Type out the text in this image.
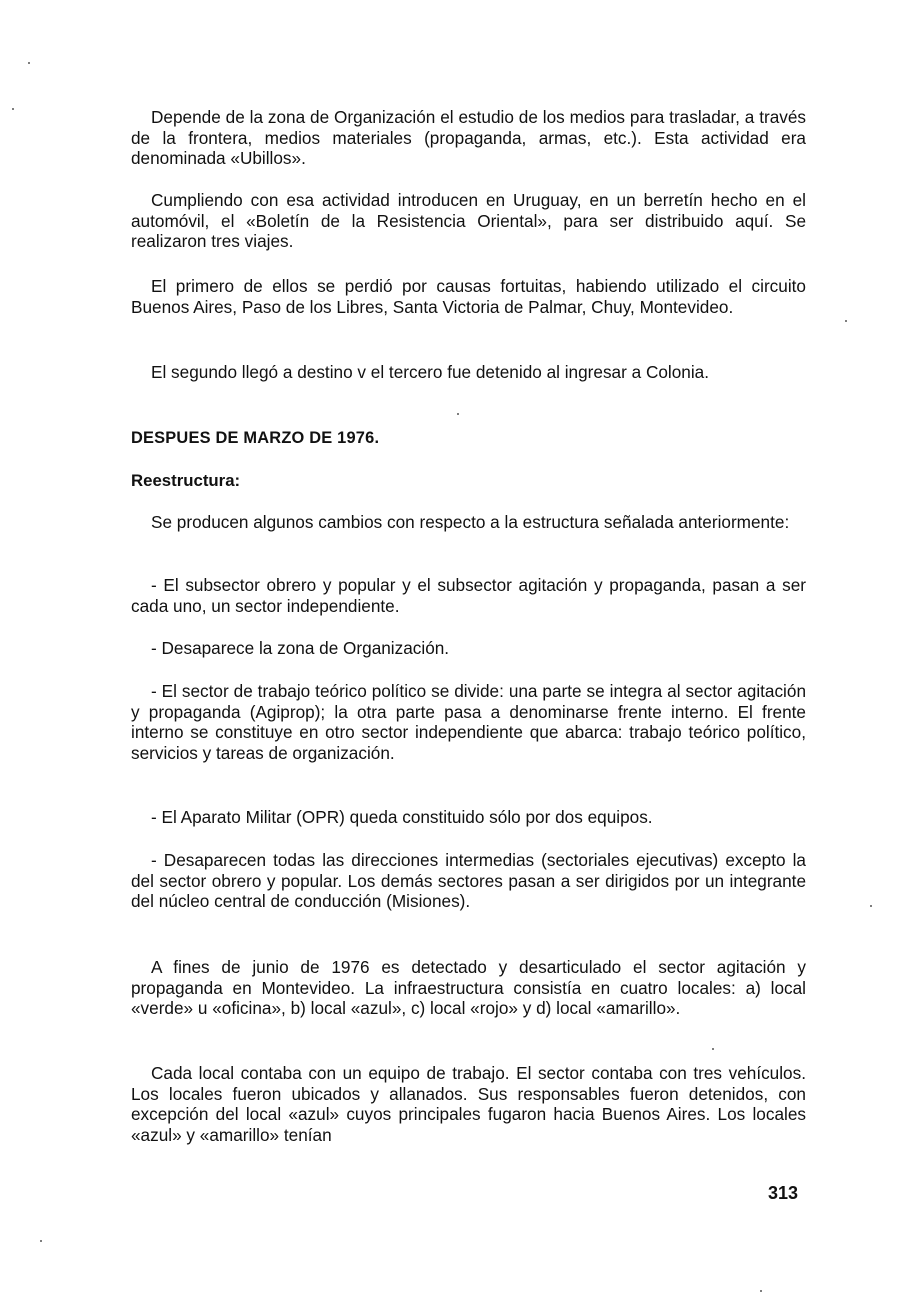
Depende de la zona de Organización el estudio de los medios para trasladar, a través de la frontera, medios materiales (propaganda, armas, etc.). Esta actividad era denominada «Ubillos».

Cumpliendo con esa actividad introducen en Uruguay, en un berretín hecho en el automóvil, el «Boletín de la Resistencia Oriental», para ser distribuido aquí. Se realizaron tres viajes.

El primero de ellos se perdió por causas fortuitas, habiendo utilizado el circuito Buenos Aires, Paso de los Libres, Santa Victoria de Palmar, Chuy, Montevideo.

El segundo llegó a destino v el tercero fue detenido al ingresar a Colonia.

DESPUES DE MARZO DE 1976.

Reestructura:

Se producen algunos cambios con respecto a la estructura señalada anteriormente:

- El subsector obrero y popular y el subsector agitación y propaganda, pasan a ser cada uno, un sector independiente.

- Desaparece la zona de Organización.

- El sector de trabajo teórico político se divide: una parte se integra al sector agitación y propaganda (Agiprop); la otra parte pasa a denominarse frente interno. El frente interno se constituye en otro sector independiente que abarca: trabajo teórico político, servicios y tareas de organización.

- El Aparato Militar (OPR) queda constituido sólo por dos equipos.

- Desaparecen todas las direcciones intermedias (sectoriales ejecutivas) excepto la del sector obrero y popular. Los demás sectores pasan a ser dirigidos por un integrante del núcleo central de conducción (Misiones).

A fines de junio de 1976 es detectado y desarticulado el sector agitación y propaganda en Montevideo. La infraestructura consistía en cuatro locales: a) local «verde» u «oficina», b) local «azul», c) local «rojo» y d) local «amarillo».

Cada local contaba con un equipo de trabajo. El sector contaba con tres vehículos. Los locales fueron ubicados y allanados. Sus responsables fueron detenidos, con excepción del local «azul» cuyos principales fugaron hacia Buenos Aires. Los locales «azul» y «amarillo» tenían

313
